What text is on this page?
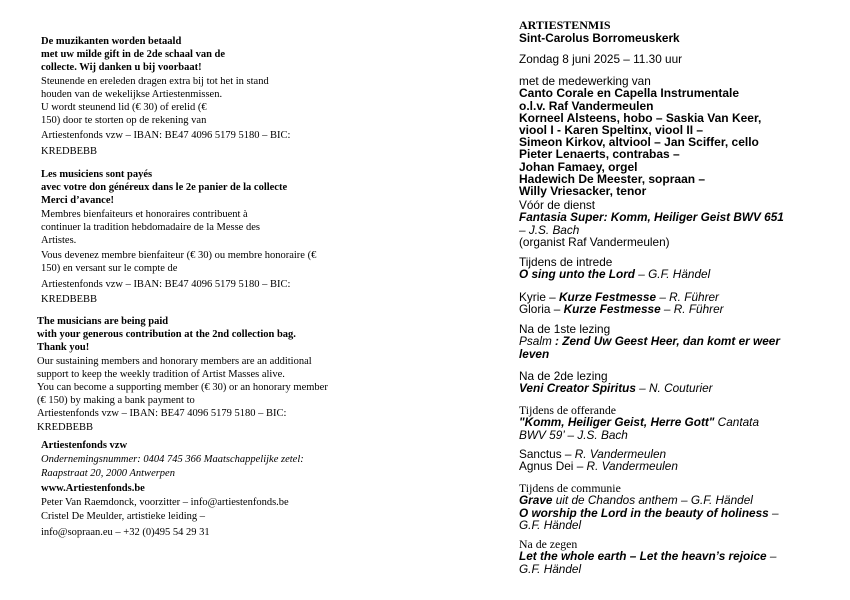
De muzikanten worden betaald
met uw milde gift in de 2de schaal van de
collecte. Wij danken u bij voorbaat!
Steunende en ereleden dragen extra bij tot het in stand
houden van de wekelijkse Artiestenmissen.
U wordt steunend lid (€ 30) of erelid (€
150) door te storten op de rekening van
Artiestenfonds vzw – IBAN: BE47 4096 5179 5180 – BIC:
KREDBEBB
Les musiciens sont payés
avec votre don généreux dans le 2e panier de la collecte
Merci d’avance!
Membres bienfaiteurs et honoraires contribuent à
continuer la tradition hebdomadaire de la Messe des
Artistes.
Vous devenez membre bienfaiteur (€ 30) ou membre honoraire (€
150) en versant sur le compte de
Artiestenfonds vzw – IBAN: BE47 4096 5179 5180 – BIC:
KREDBEBB
The musicians are being paid
with your generous contribution at the 2nd collection bag.
Thank you!
Our sustaining members and honorary members are an additional
support to keep the weekly tradition of Artist Masses alive.
You can become a supporting member (€ 30) or an honorary member
(€ 150) by making a bank payment to
Artiestenfonds vzw – IBAN: BE47 4096 5179 5180 – BIC:
KREDBEBB
Artiestenfonds vzw
Ondernemingsnummer: 0404 745 366 Maatschappelijke zetel:
Raapstraat 20, 2000 Antwerpen
www.Artiestenfonds.be
Peter Van Raemdonck, voorzitter – info@artiestenfonds.be
Cristel De Meulder, artistieke leiding –
info@sopraan.eu – +32 (0)495 54 29 31
ARTIESTENMIS
Sint-Carolus Borromeuskerk
Zondag 8 juni 2025 – 11.30 uur
met de medewerking van
Canto Corale en Capella Instrumentale
o.l.v. Raf Vandermeulen
Korneel Alsteens, hobo – Saskia Van Keer,
viool I - Karen Speltinx, viool II –
Simeon Kirkov, altviool – Jan Sciffer, cello
Pieter Lenaerts, contrabas –
Johan Famaey, orgel
Hadewich De Meester, sopraan –
Willy Vriesacker, tenor
Vóór de dienst
Fantasia Super: Komm, Heiliger Geist BWV 651
– J.S. Bach
(organist Raf Vandermeulen)
Tijdens de intrede
O sing unto the Lord – G.F. Händel
Kyrie – Kurze Festmesse – R. Führer
Gloria – Kurze Festmesse – R. Führer
Na de 1ste lezing
Psalm : Zend Uw Geest Heer, dan komt er weer
leven
Na de 2de lezing
Veni Creator Spiritus – N. Couturier
Tijdens de offerande
"Komm, Heiliger Geist, Herre Gott" Cantata
BWV 59’ – J.S. Bach
Sanctus – R. Vandermeulen
Agnus Dei – R. Vandermeulen
Tijdens de communie
Grave uit de Chandos anthem – G.F. Händel
O worship the Lord in the beauty of holiness –
G.F. Händel
Na de zegen
Let the whole earth – Let the heavn’s rejoice –
G.F. Händel
